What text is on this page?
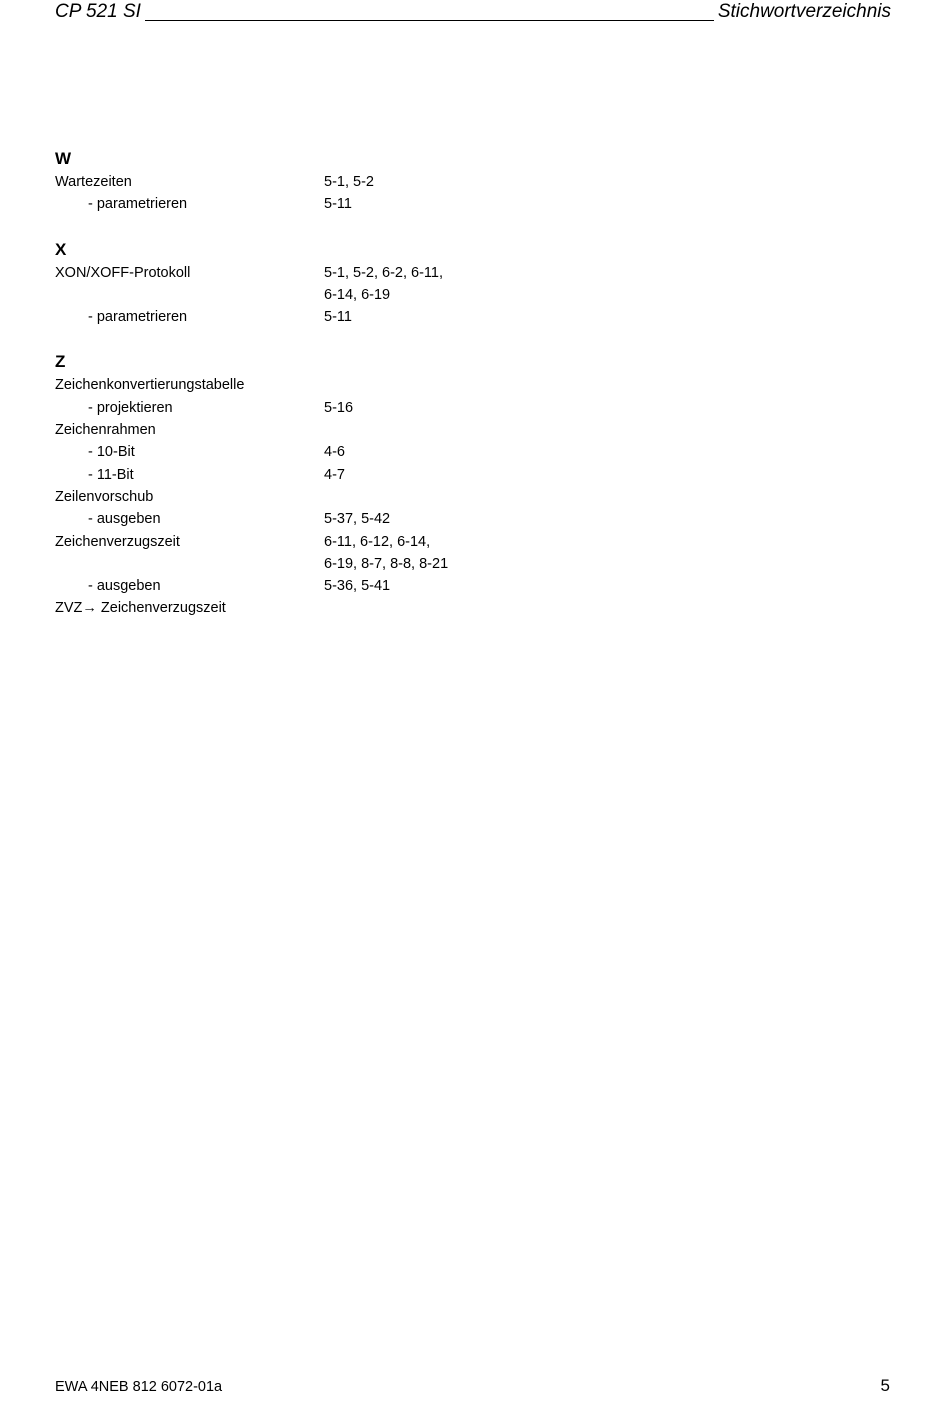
CP 521 SI	Stichwortverzeichnis
W
Wartezeiten	5-1, 5-2
- parametrieren	5-11
X
XON/XOFF-Protokoll	5-1, 5-2, 6-2, 6-11,
6-14, 6-19
- parametrieren	5-11
Z
Zeichenkonvertierungstabelle
- projektieren	5-16
Zeichenrahmen
- 10-Bit	4-6
- 11-Bit	4-7
Zeilenvorschub
- ausgeben	5-37, 5-42
Zeichenverzugszeit	6-11, 6-12, 6-14,
6-19, 8-7, 8-8, 8-21
- ausgeben	5-36, 5-41
ZVZ→ Zeichenverzugszeit
EWA 4NEB 812 6072-01a	5
